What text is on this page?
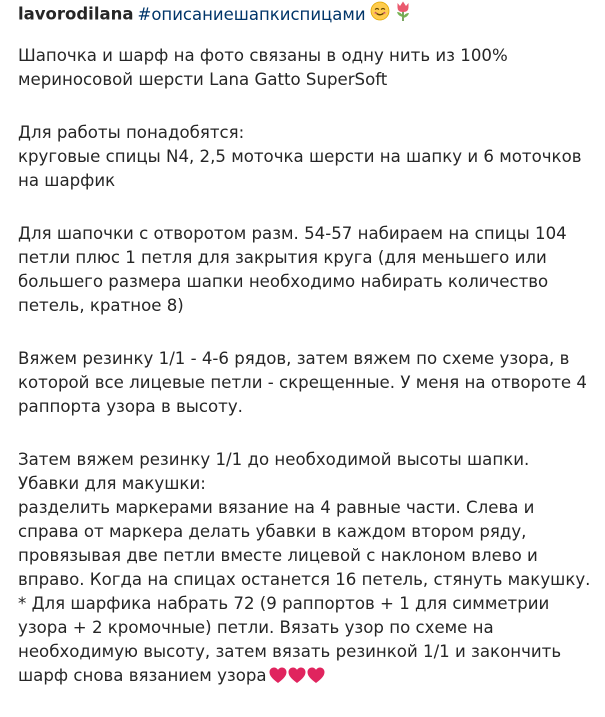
lavorodilana #описаниешапкиспицами
Шапочка и шарф на фото связаны в одну нить из 100%
мериносовой шерсти Lana Gatto SuperSoft
Для работы понадобятся:
круговые спицы N4, 2,5 моточка шерсти на шапку и 6 моточков
на шарфик
Для шапочки с отворотом разм. 54-57 набираем на спицы 104
петли плюс 1 петля для закрытия круга (для меньшего или
большего размера шапки необходимо набирать количество
петель, кратное 8)
Вяжем резинку 1/1 - 4-6 рядов, затем вяжем по схеме узора, в
которой все лицевые петли - скрещенные. У меня на отвороте 4
раппорта узора в высоту.
Затем вяжем резинку 1/1 до необходимой высоты шапки.
Убавки для макушки:
разделить маркерами вязание на 4 равные части. Слева и
справа от маркера делать убавки в каждом втором ряду,
провязывая две петли вместе лицевой с наклоном влево и
вправо. Когда на спицах останется 16 петель, стянуть макушку.
* Для шарфика набрать 72 (9 раппортов + 1 для симметрии
узора + 2 кромочные) петли. Вязать узор по схеме на
необходимую высоту, затем вязать резинкой 1/1 и закончить
шарф снова вязанием узора
